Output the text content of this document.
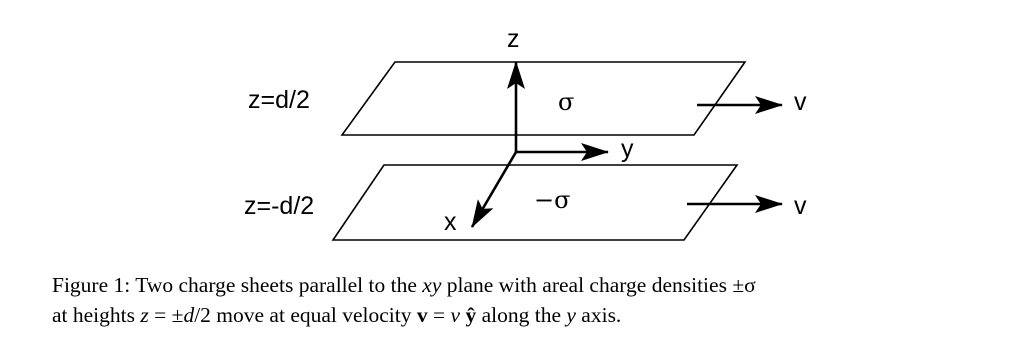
z=d/2
z=-d/2
z
y
x
σ
−σ
v
v

Figure 1: Two charge sheets parallel to the xy plane with areal charge densities ±σ

at heights z = ±d/2 move at equal velocity v = v ŷ along the y axis.
